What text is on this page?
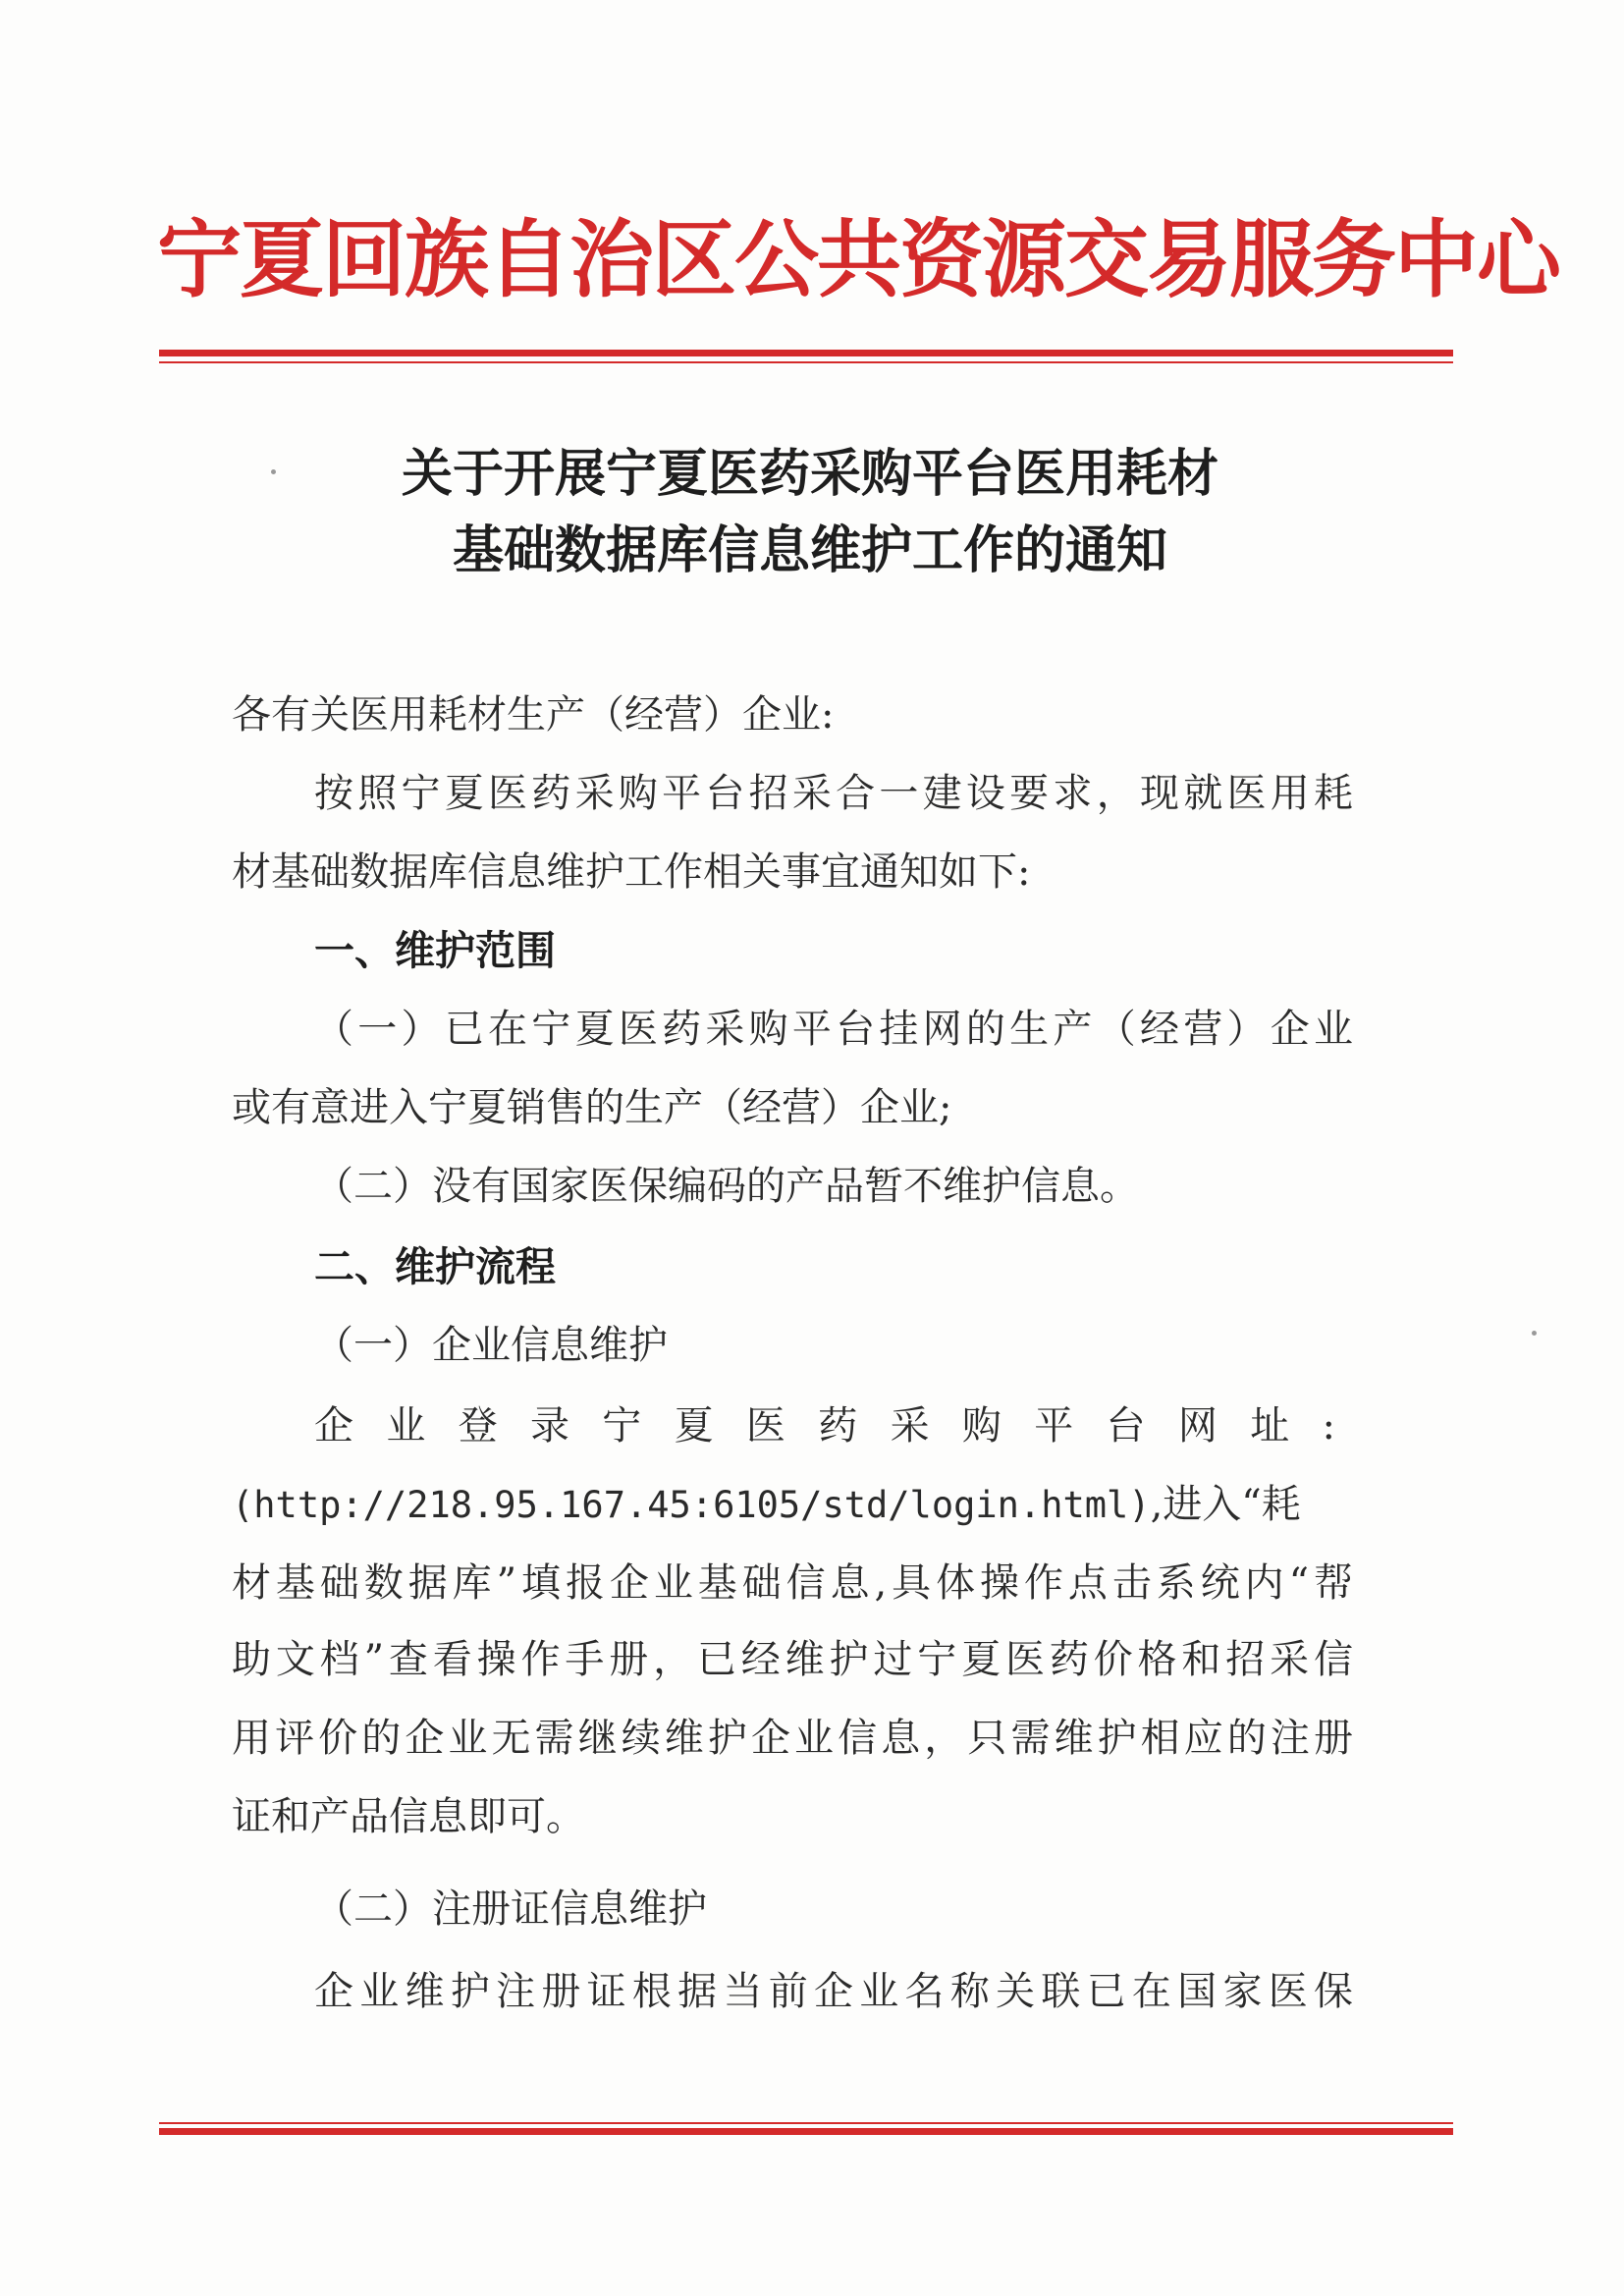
宁夏回族自治区公共资源交易服务中心
关于开展宁夏医药采购平台医用耗材
基础数据库信息维护工作的通知
各有关医用耗材生产（经营）企业:
按照宁夏医药采购平台招采合一建设要求，现就医用耗
材基础数据库信息维护工作相关事宜通知如下:
一、维护范围
（一）已在宁夏医药采购平台挂网的生产（经营）企业
或有意进入宁夏销售的生产（经营）企业;
（二）没有国家医保编码的产品暂不维护信息。
二、维护流程
（一）企业信息维护
企业登录宁夏医药采购平台网址:
(http://218.95.167.45:6105/std/login.html),进入“耗
材基础数据库”填报企业基础信息,具体操作点击系统内“帮
助文档”查看操作手册，已经维护过宁夏医药价格和招采信
用评价的企业无需继续维护企业信息，只需维护相应的注册
证和产品信息即可。
（二）注册证信息维护
企业维护注册证根据当前企业名称关联已在国家医保
